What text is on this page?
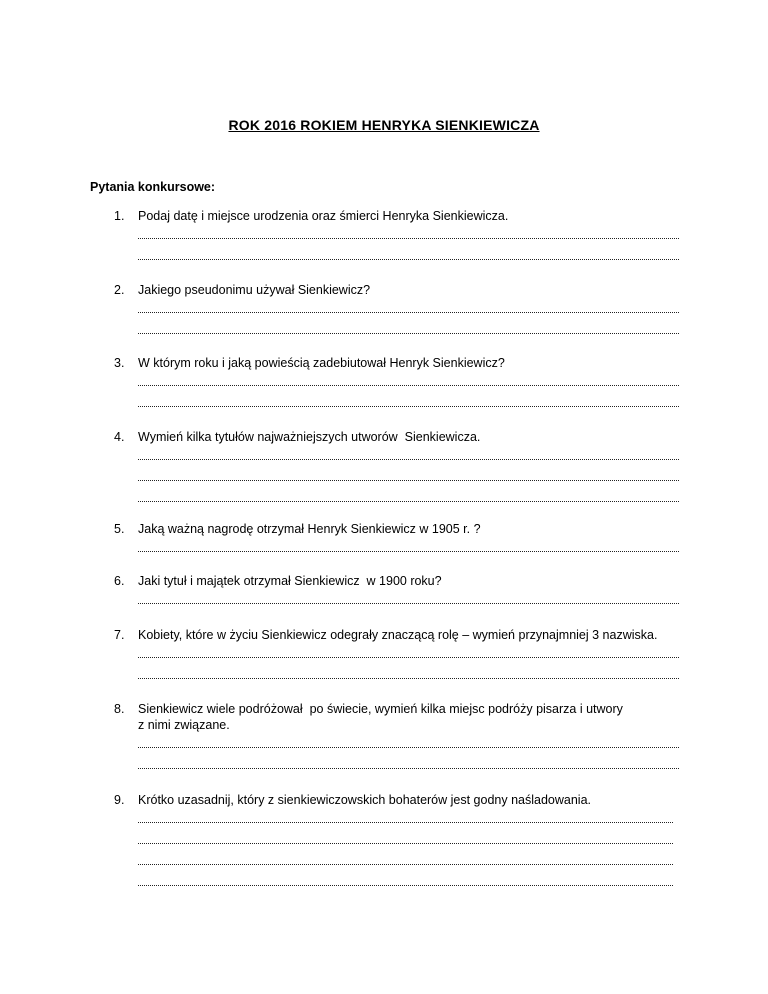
ROK 2016 ROKIEM HENRYKA SIENKIEWICZA
Pytania konkursowe:
1.	Podaj datę i miejsce urodzenia oraz śmierci Henryka Sienkiewicza.
2.	Jakiego pseudonimu używał Sienkiewicz?
3.	W którym roku i jaką powieścią zadebiutował Henryk Sienkiewicz?
4.	Wymień kilka tytułów najważniejszych utworów  Sienkiewicza.
5.	Jaką ważną nagrodę otrzymał Henryk Sienkiewicz w 1905 r. ?
6.	Jaki tytuł i majątek otrzymał Sienkiewicz  w 1900 roku?
7.	Kobiety, które w życiu Sienkiewicz odegrały znaczącą rolę – wymień przynajmniej 3 nazwiska.
8.	Sienkiewicz wiele podróżował  po świecie, wymień kilka miejsc podróży pisarza i utwory
z nimi związane.
9.	Krótko uzasadnij, który z sienkiewiczowskich bohaterów jest godny naśladowania.
